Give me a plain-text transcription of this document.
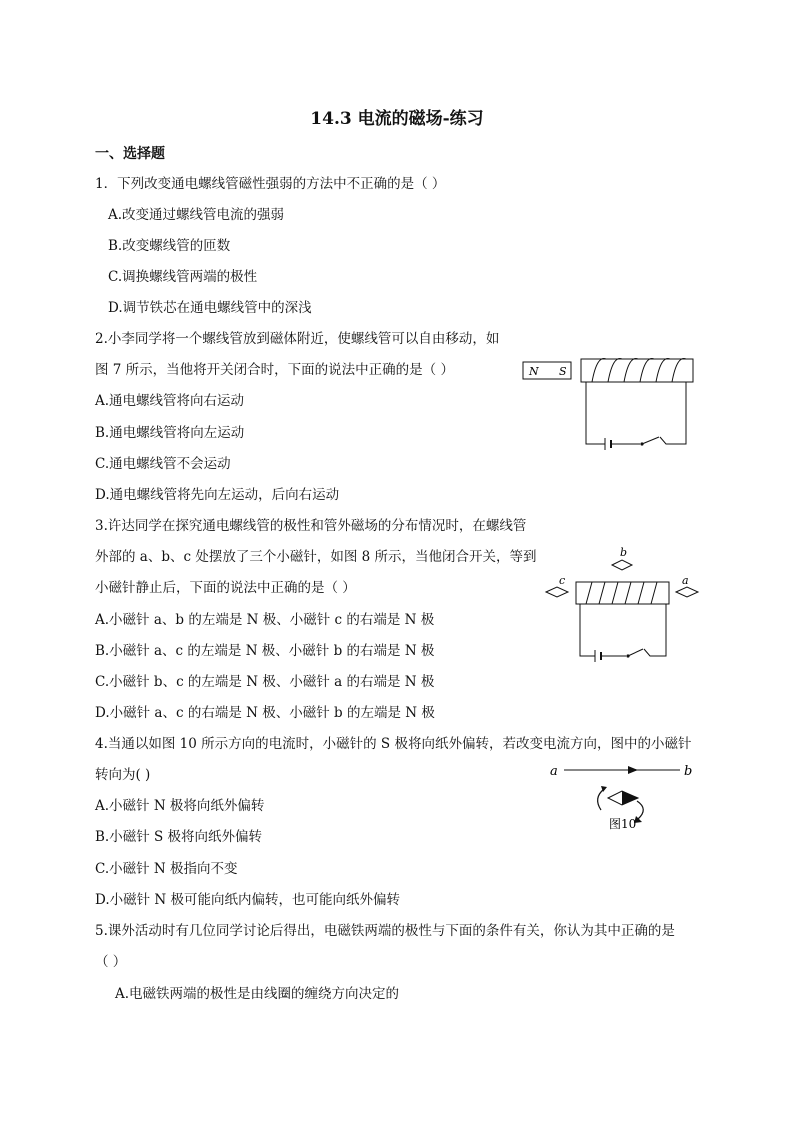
14.3 电流的磁场-练习
一、选择题
1．下列改变通电螺线管磁性强弱的方法中不正确的是（ ）
A.改变通过螺线管电流的强弱
B.改变螺线管的匝数
C.调换螺线管两端的极性
D.调节铁芯在通电螺线管中的深浅
2.小李同学将一个螺线管放到磁体附近，使螺线管可以自由移动，如
图 7 所示，当他将开关闭合时，下面的说法中正确的是（ ）
A.通电螺线管将向右运动
B.通电螺线管将向左运动
C.通电螺线管不会运动
D.通电螺线管将先向左运动，后向右运动
N S
3.许达同学在探究通电螺线管的极性和管外磁场的分布情况时，在螺线管
外部的 a、b、c 处摆放了三个小磁针，如图 8 所示，当他闭合开关，等到
小磁针静止后，下面的说法中正确的是（ ）
A.小磁针 a、b 的左端是 N 极、小磁针 c 的右端是 N 极
B.小磁针 a、c 的左端是 N 极、小磁针 b 的右端是 N 极
C.小磁针 b、c 的左端是 N 极、小磁针 a 的右端是 N 极
D.小磁针 a、c 的右端是 N 极、小磁针 b 的左端是 N 极
b
c	a
4.当通以如图 10 所示方向的电流时，小磁针的 S 极将向纸外偏转，若改变电流方向，图中的小磁针
转向为( )
A.小磁针 N 极将向纸外偏转
B.小磁针 S 极将向纸外偏转
C.小磁针 N 极指向不变
D.小磁针 N 极可能向纸内偏转，也可能向纸外偏转
a	b
图10
5.课外活动时有几位同学讨论后得出，电磁铁两端的极性与下面的条件有关，你认为其中正确的是
（ ）
A.电磁铁两端的极性是由线圈的缠绕方向决定的
